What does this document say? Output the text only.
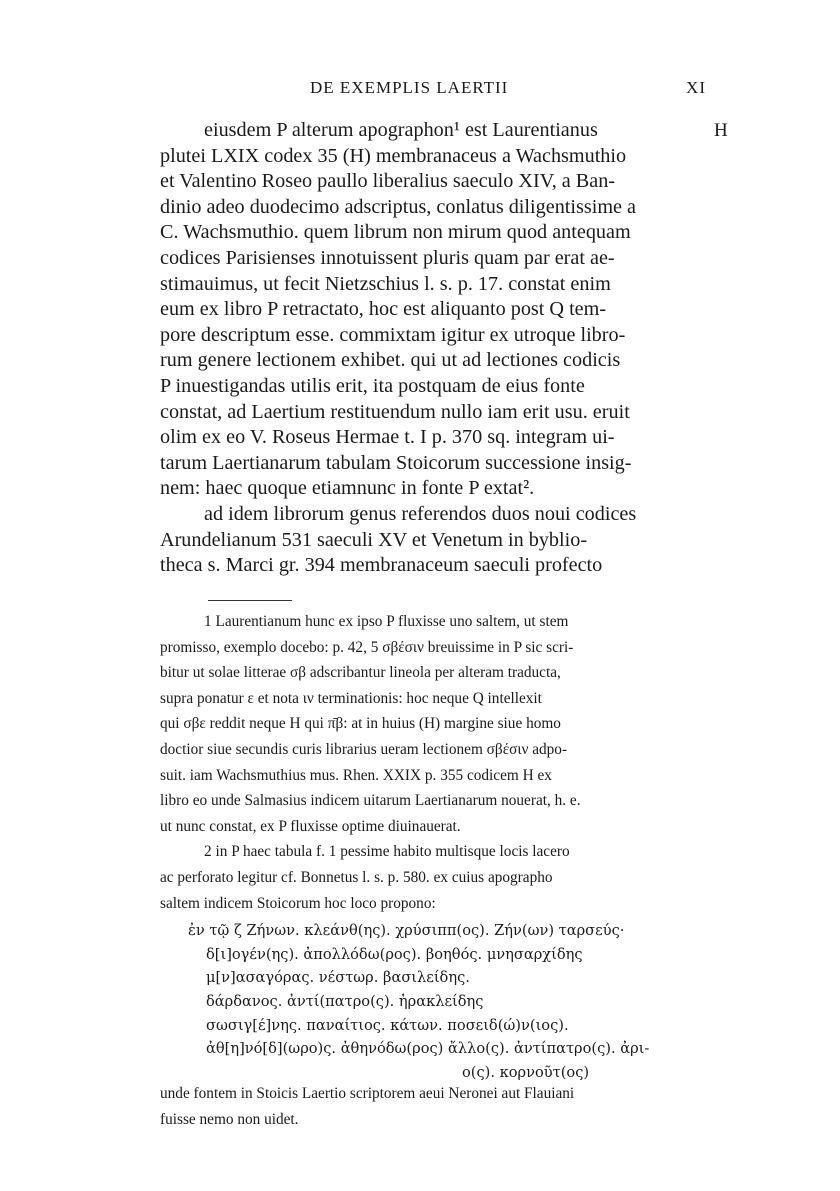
DE EXEMPLIS LAERTII	XI
H
eiusdem P alterum apographon¹ est Laurentianus
plutei LXIX codex 35 (H) membranaceus a Wachsmuthio
et Valentino Roseo paullo liberalius saeculo XIV, a Ban-
dinio adeo duodecimo adscriptus, conlatus diligentissime a
C. Wachsmuthio. quem librum non mirum quod antequam
codices Parisienses innotuissent pluris quam par erat ae-
stimauimus, ut fecit Nietzschius l. s. p. 17. constat enim
eum ex libro P retractato, hoc est aliquanto post Q tem-
pore descriptum esse. commixtam igitur ex utroque libro-
rum genere lectionem exhibet. qui ut ad lectiones codicis
P inuestigandas utilis erit, ita postquam de eius fonte
constat, ad Laertium restituendum nullo iam erit usu. eruit
olim ex eo V. Roseus Hermae t. I p. 370 sq. integram ui-
tarum Laertianarum tabulam Stoicorum successione insig-
nem: haec quoque etiamnunc in fonte P extat².
ad idem librorum genus referendos duos noui codices
Arundelianum 531 saeculi XV et Venetum in byblio-
theca s. Marci gr. 394 membranaceum saeculi profecto
1 Laurentianum hunc ex ipso P fluxisse uno saltem, ut stem
promisso, exemplo docebo: p. 42, 5 σβέσιν breuissime in P sic scri-
bitur ut solae litterae σβ adscribantur lineola per alteram traducta,
supra ponatur ε et nota ιν terminationis: hoc neque Q intellexit
qui σβε reddit neque H qui π̄β: at in huius (H) margine siue homo
doctior siue secundis curis librarius ueram lectionem σβέσιν adpo-
suit. iam Wachsmuthius mus. Rhen. XXIX p. 355 codicem H ex
libro eo unde Salmasius indicem uitarum Laertianarum nouerat, h. e.
ut nunc constat, ex P fluxisse optime diuinauerat.
2 in P haec tabula f. 1 pessime habito multisque locis lacero
ac perforato legitur cf. Bonnetus l. s. p. 580. ex cuius apographo
saltem indicem Stoicorum hoc loco propono:
ἐν τῷ ζ Ζήνων. κλεάνθ(ης). χρύσιππ(ος). Ζήν(ων) ταρσεύς·
δ[ι]ογέν(ης). ἀπολλόδω(ρος). βοηθός. μνησαρχίδης
μ[ν]ασαγόρας. νέστωρ. βασιλείδης.
δάρδανος. ἀντί(πατρο(ς). ἡρακλείδης
σωσιγ[έ]νης. παναίτιος. κάτων. ποσειδ(ώ)ν(ιος).
ἀθ[η]νό[δ](ωρο)ς. ἀθηνόδω(ρος) ἄλλο(ς). ἀντίπατρο(ς). ἀρι-
ο(ς). κορνοῦτ(ος)
unde fontem in Stoicis Laertio scriptorem aeui Neronei aut Flauiani
fuisse nemo non uidet.
